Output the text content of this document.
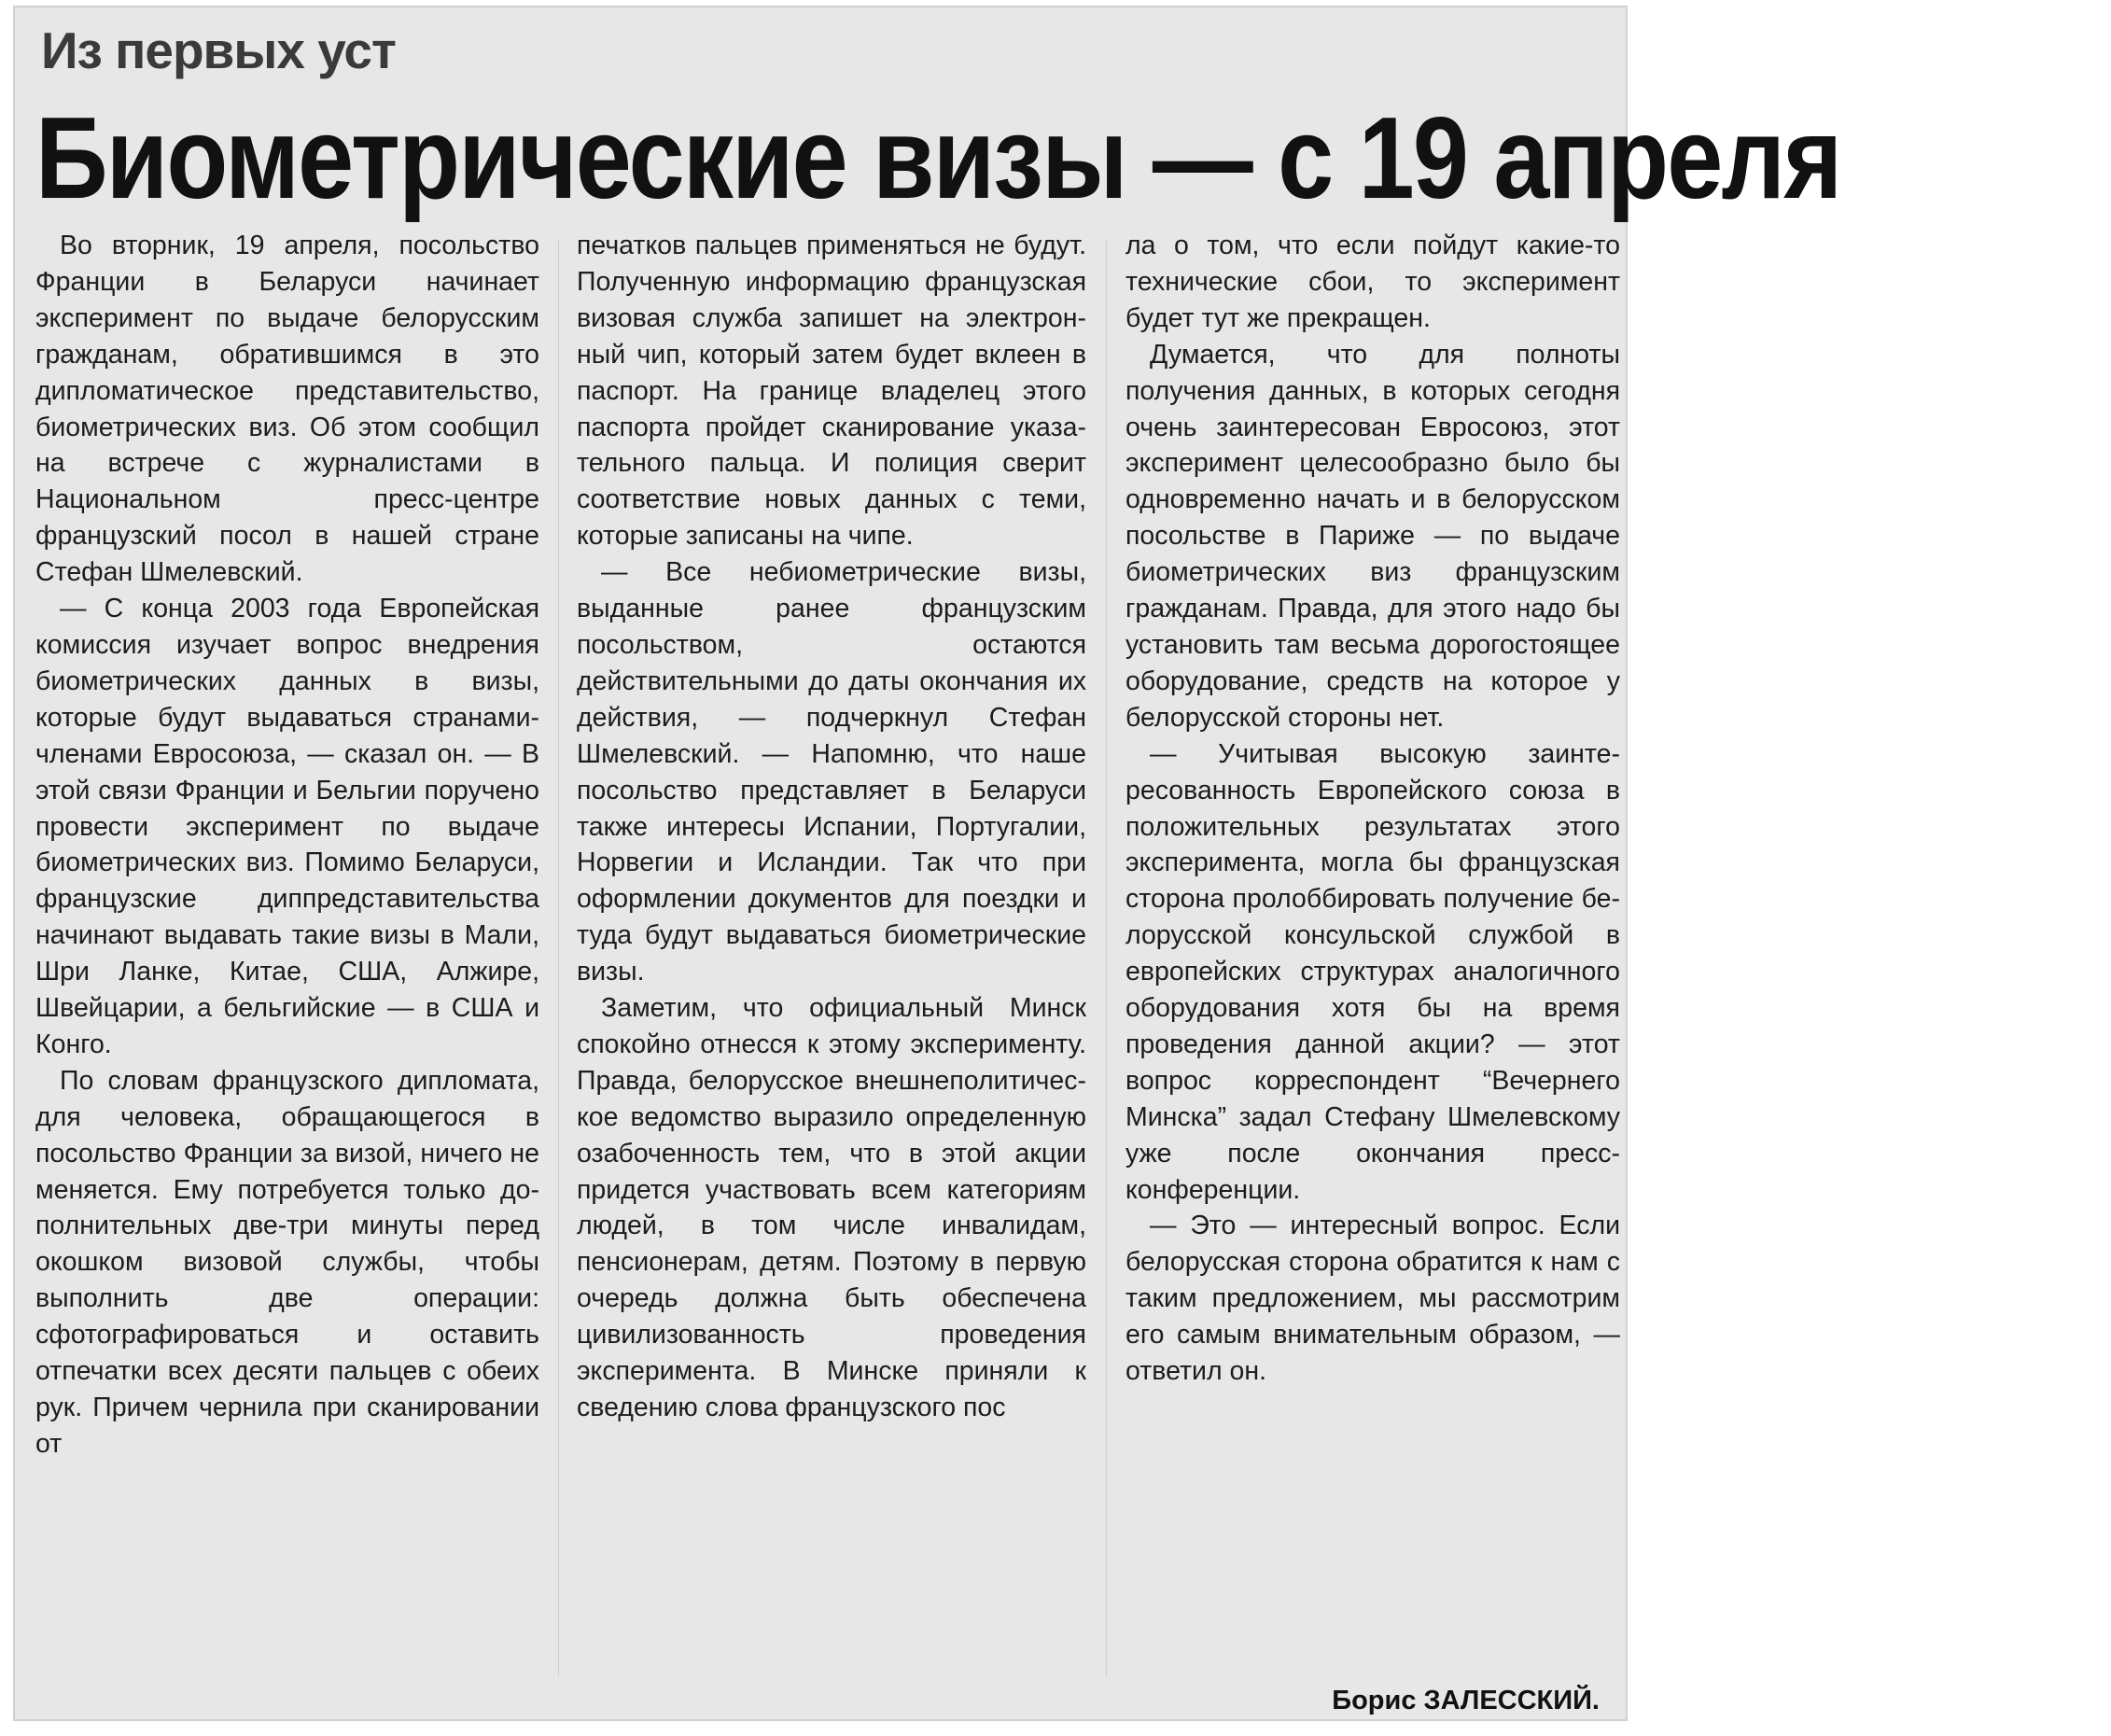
Из первых уст
Биометрические визы — с 19 апреля

Во вторник, 19 апреля, посольство Франции в Беларуси начинает эксперимент по выдаче белорусским гражданам, обратившимся в это дипломатическое представительство, биометрических виз. Об этом сообщил на встрече с журналистами в Национальном пресс-центре французский посол в нашей стране Стефан Шмелевский.

— С конца 2003 года Европейская комиссия изучает вопрос внедрения биометрических данных в визы, которые будут выдаваться странами-членами Евросоюза, — сказал он. — В этой связи Франции и Бельгии поручено провести эксперимент по выдаче биометрических виз. Помимо Беларуси, французские диппредставительства начинают выдавать такие визы в Мали, Шри Ланке, Китае, США, Алжире, Швейцарии, а бельгийские — в США и Конго.

По словам французского дипломата, для человека, обращающегося в посольство Франции за визой, ничего не меняется. Ему потребуется только дополнительных две-три минуты перед окошком визовой службы, чтобы выполнить две операции: сфотографироваться и оставить отпечатки всех десяти пальцев с обеих рук. Причем чернила при сканировании от

печатков пальцев применяться не будут. Полученную информацию французская визовая служба запишет на электронный чип, который затем будет вклеен в паспорт. На границе владелец этого паспорта пройдет сканирование указательного пальца. И полиция сверит соответствие новых данных с теми, которые записаны на чипе.

— Все небиометрические визы, выданные ранее французским посольством, остаются действительными до даты окончания их действия, — подчеркнул Стефан Шмелевский. — Напомню, что наше посольство представляет в Беларуси также интересы Испании, Португалии, Норвегии и Исландии. Так что при оформлении документов для поездки и туда будут выдаваться биометрические визы.

Заметим, что официальный Минск спокойно отнесся к этому эксперименту. Правда, белорусское внешнеполитическое ведомство выразило определенную озабоченность тем, что в этой акции придется участвовать всем категориям людей, в том числе инвалидам, пенсионерам, детям. Поэтому в первую очередь должна быть обеспечена цивилизованность проведения эксперимента. В Минске приняли к сведению слова французского пос

ла о том, что если пойдут какие-то технические сбои, то эксперимент будет тут же прекращен.

Думается, что для полноты получения данных, в которых сегодня очень заинтересован Евросоюз, этот эксперимент целесообразно было бы одновременно начать и в белорусском посольстве в Париже — по выдаче биометрических виз французским гражданам. Правда, для этого надо бы установить там весьма дорогостоящее оборудование, средств на которое у белорусской стороны нет.

— Учитывая высокую заинтересованность Европейского союза в положительных результатах этого эксперимента, могла бы французская сторона пролоббировать получение белорусской консульской службой в европейских структурах аналогичного оборудования хотя бы на время проведения данной акции? — этот вопрос корреспондент “Вечернего Минска” задал Стефану Шмелевскому уже после окончания пресс-конференции.

— Это — интересный вопрос. Если белорусская сторона обратится к нам с таким предложением, мы рассмотрим его самым внимательным образом, — ответил он.

Борис ЗАЛЕССКИЙ.
